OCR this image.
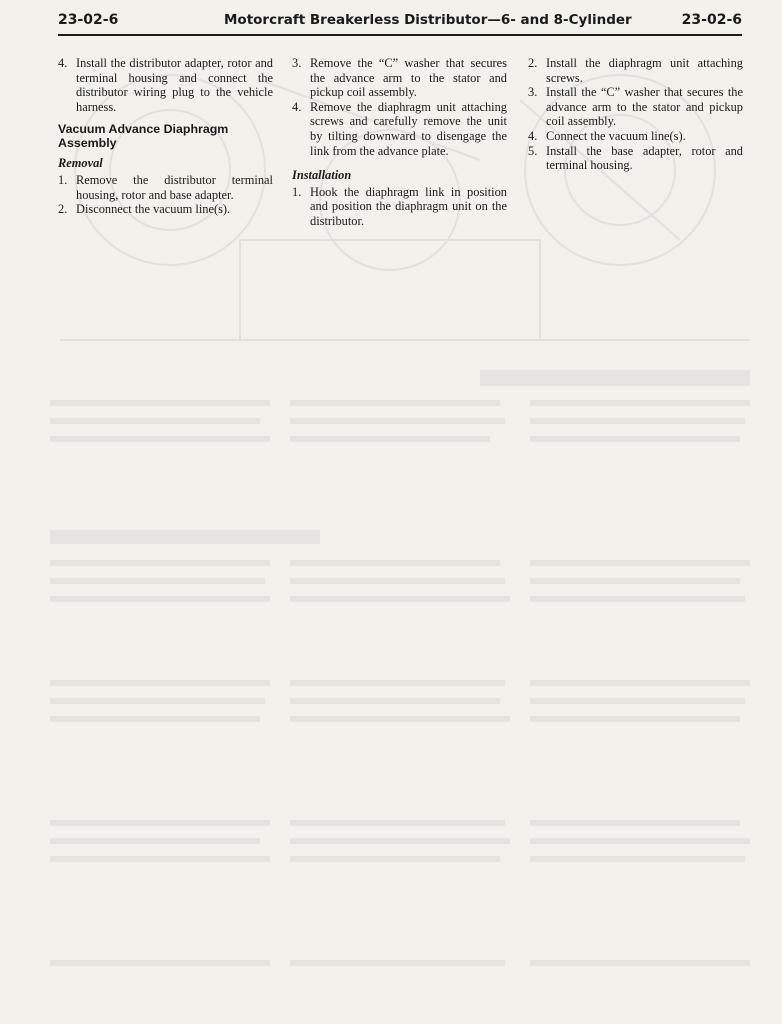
23-02-6	Motorcraft Breakerless Distributor—6- and 8-Cylinder	23-02-6
4. Install the distributor adapter, rotor and terminal housing and connect the distributor wiring plug to the vehicle harness.
Vacuum Advance Diaphragm Assembly
Removal
1. Remove the distributor terminal housing, rotor and base adapter.
2. Disconnect the vacuum line(s).
3. Remove the “C” washer that secures the advance arm to the stator and pickup coil assembly.
4. Remove the diaphragm unit attaching screws and carefully remove the unit by tilting downward to disengage the link from the advance plate.
Installation
1. Hook the diaphragm link in position and position the diaphragm unit on the distributor.
2. Install the diaphragm unit attaching screws.
3. Install the “C” washer that secures the advance arm to the stator and pickup coil assembly.
4. Connect the vacuum line(s).
5. Install the base adapter, rotor and terminal housing.
